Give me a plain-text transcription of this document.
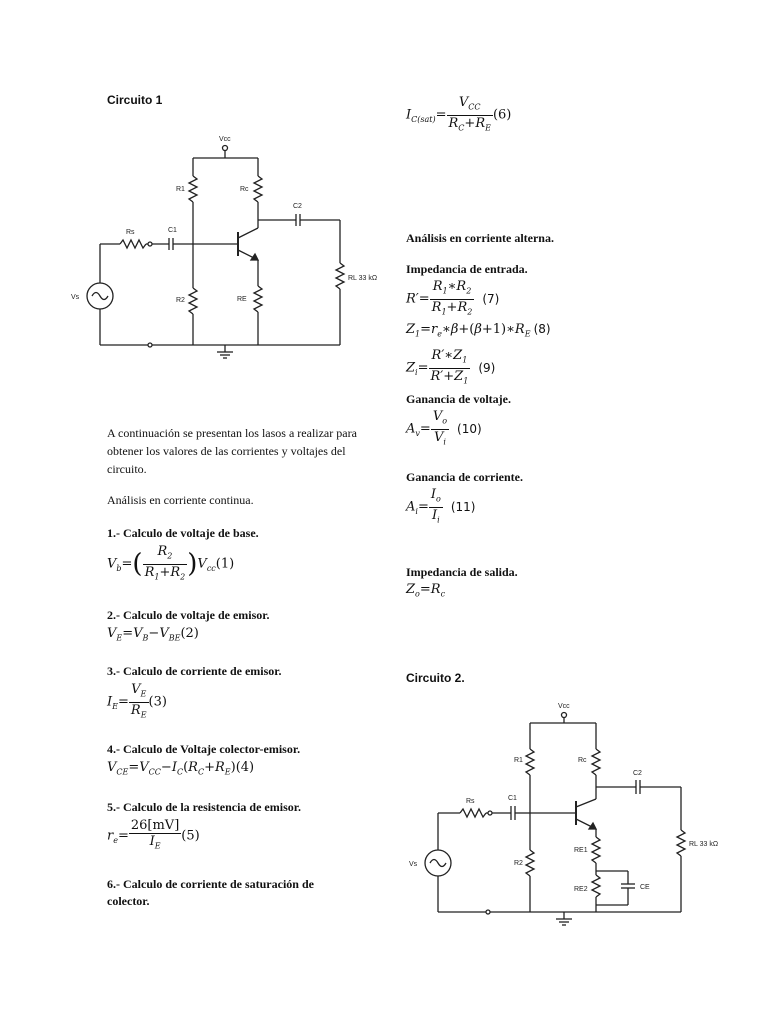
Circuito 1
Vcc
R1	Rc
C2
RL 33 kΩ
RE
R2
C1
Rs
Vs
A continuación se presentan los lasos a realizar para obtener los valores de las corrientes y voltajes del circuito.
Análisis en corriente continua.
1.- Calculo de voltaje de base.
$V_b=( \frac{R_2}{R_1+R_2} )V_{cc}(1)$
2.- Calculo de voltaje de emisor.
$V_E=V_B-V_{BE}(2)$
3.- Calculo de corriente de emisor.
$I_E= \frac{V_E}{R_E} (3)$
4.- Calculo de Voltaje colector-emisor.
$V_{CE}=V_{CC}-I_C(R_C+R_E)(4)$
5.- Calculo de la resistencia de emisor.
$r_e= \frac{26[mV]}{I_E} (5)$
6.- Calculo de corriente de saturación de colector.
$I_{C(sat)}= \frac{V_{CC}}{R_C+R_E} (6)$
Análisis en corriente alterna.
Impedancia de entrada.
$R'= \frac{R_1∗R_2}{R_1+R_2} (7)$
$Z_1=r_e∗\beta+(\beta+1)∗R_E$ (8)
$Z_i= \frac{R'∗Z_1}{R'+Z_1} (9)$
Ganancia de voltaje.
$A_v= \frac{V_o}{V_i} (10)$
Ganancia de corriente.
$A_i= \frac{I_o}{I_i} (11)$
Impedancia de salida.
$Z_o=R_c$
Circuito 2.
Vcc
R1	Rc
C2
RL 33 kΩ
RE1
RE2	CE
R2
C1
Rs
Vs
